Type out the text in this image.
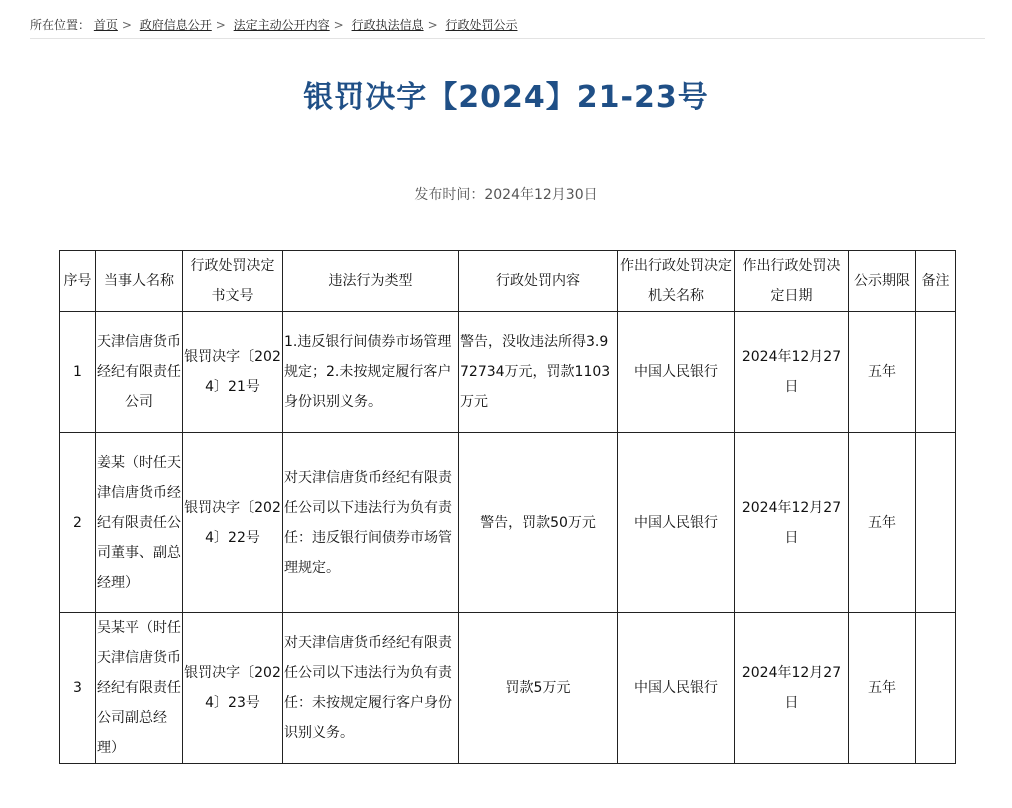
所在位置： 首页 > 政府信息公开 > 法定主动公开内容 > 行政执法信息 > 行政处罚公示
银罚决字【2024】21-23号
发布时间：2024年12月30日
序号	当事人名称	行政处罚决定书文号	违法行为类型	行政处罚内容	作出行政处罚决定机关名称	作出行政处罚决定日期	公示期限	备注
1	天津信唐货币经纪有限责任公司	银罚决字〔2024〕21号	1.违反银行间债券市场管理规定；2.未按规定履行客户身份识别义务。	警告，没收违法所得3.972734万元，罚款1103万元	中国人民银行	2024年12月27日	五年	
2	姜某（时任天津信唐货币经纪有限责任公司董事、副总经理）	银罚决字〔2024〕22号	对天津信唐货币经纪有限责任公司以下违法行为负有责任：违反银行间债券市场管理规定。	警告，罚款50万元	中国人民银行	2024年12月27日	五年	
3	吴某平（时任天津信唐货币经纪有限责任公司副总经理）	银罚决字〔2024〕23号	对天津信唐货币经纪有限责任公司以下违法行为负有责任：未按规定履行客户身份识别义务。	罚款5万元	中国人民银行	2024年12月27日	五年	
